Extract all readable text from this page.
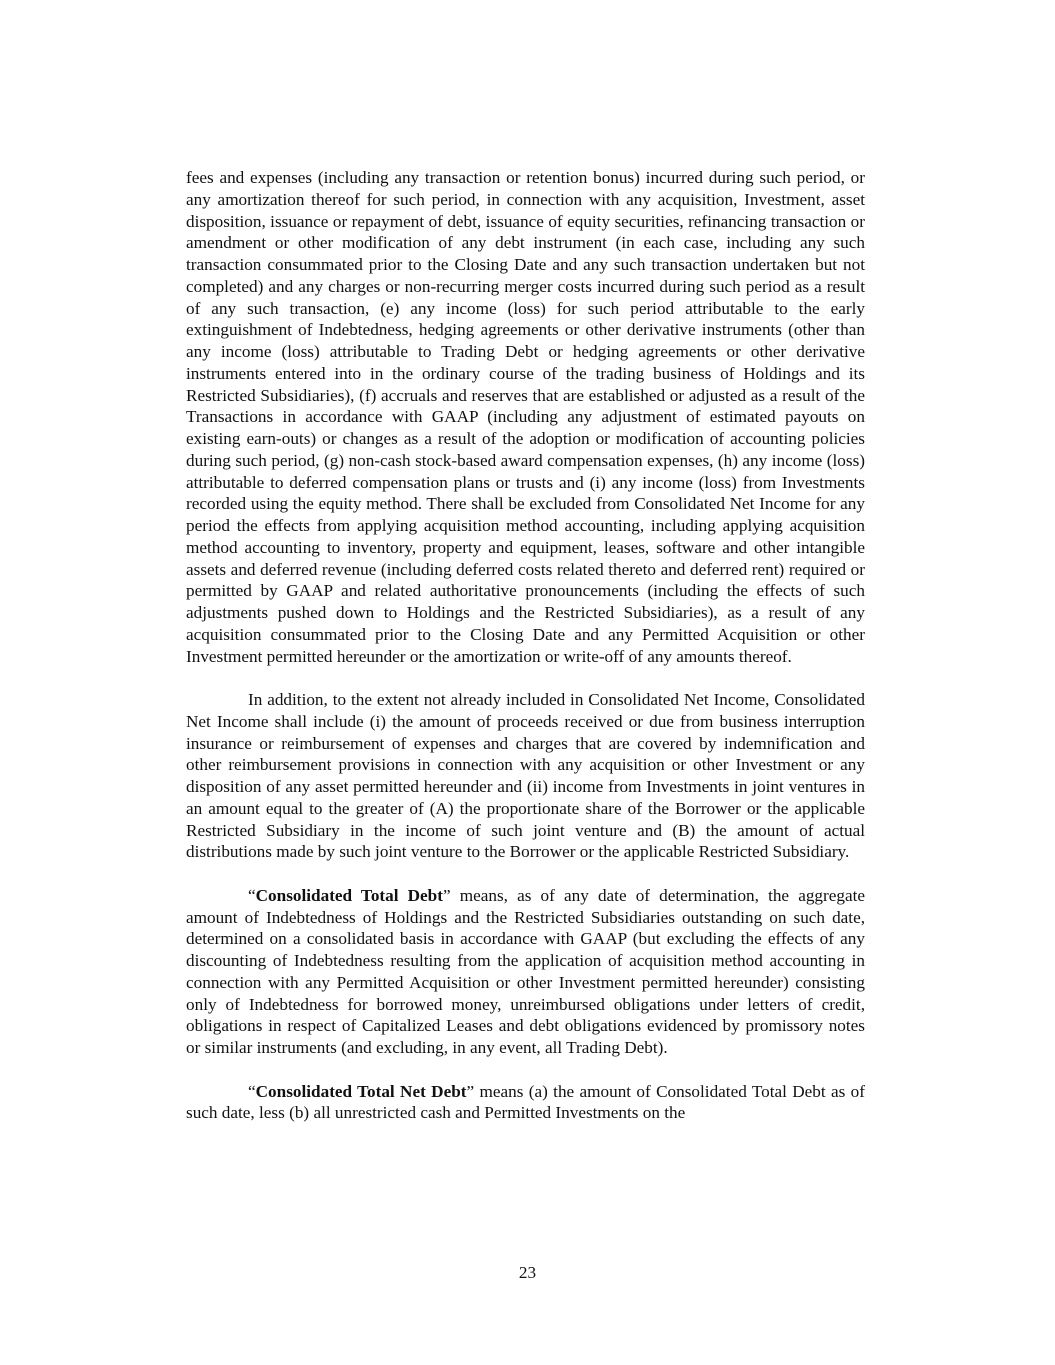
fees and expenses (including any transaction or retention bonus) incurred during such period, or any amortization thereof for such period, in connection with any acquisition, Investment, asset disposition, issuance or repayment of debt, issuance of equity securities, refinancing transaction or amendment or other modification of any debt instrument (in each case, including any such transaction consummated prior to the Closing Date and any such transaction undertaken but not completed) and any charges or non-recurring merger costs incurred during such period as a result of any such transaction, (e) any income (loss) for such period attributable to the early extinguishment of Indebtedness, hedging agreements or other derivative instruments (other than any income (loss) attributable to Trading Debt or hedging agreements or other derivative instruments entered into in the ordinary course of the trading business of Holdings and its Restricted Subsidiaries), (f) accruals and reserves that are established or adjusted as a result of the Transactions in accordance with GAAP (including any adjustment of estimated payouts on existing earn-outs) or changes as a result of the adoption or modification of accounting policies during such period, (g) non-cash stock-based award compensation expenses, (h) any income (loss) attributable to deferred compensation plans or trusts and (i) any income (loss) from Investments recorded using the equity method. There shall be excluded from Consolidated Net Income for any period the effects from applying acquisition method accounting, including applying acquisition method accounting to inventory, property and equipment, leases, software and other intangible assets and deferred revenue (including deferred costs related thereto and deferred rent) required or permitted by GAAP and related authoritative pronouncements (including the effects of such adjustments pushed down to Holdings and the Restricted Subsidiaries), as a result of any acquisition consummated prior to the Closing Date and any Permitted Acquisition or other Investment permitted hereunder or the amortization or write-off of any amounts thereof.

In addition, to the extent not already included in Consolidated Net Income, Consolidated Net Income shall include (i) the amount of proceeds received or due from business interruption insurance or reimbursement of expenses and charges that are covered by indemnification and other reimbursement provisions in connection with any acquisition or other Investment or any disposition of any asset permitted hereunder and (ii) income from Investments in joint ventures in an amount equal to the greater of (A) the proportionate share of the Borrower or the applicable Restricted Subsidiary in the income of such joint venture and (B) the amount of actual distributions made by such joint venture to the Borrower or the applicable Restricted Subsidiary.

“Consolidated Total Debt” means, as of any date of determination, the aggregate amount of Indebtedness of Holdings and the Restricted Subsidiaries outstanding on such date, determined on a consolidated basis in accordance with GAAP (but excluding the effects of any discounting of Indebtedness resulting from the application of acquisition method accounting in connection with any Permitted Acquisition or other Investment permitted hereunder) consisting only of Indebtedness for borrowed money, unreimbursed obligations under letters of credit, obligations in respect of Capitalized Leases and debt obligations evidenced by promissory notes or similar instruments (and excluding, in any event, all Trading Debt).

“Consolidated Total Net Debt” means (a) the amount of Consolidated Total Debt as of such date, less (b) all unrestricted cash and Permitted Investments on the

23
